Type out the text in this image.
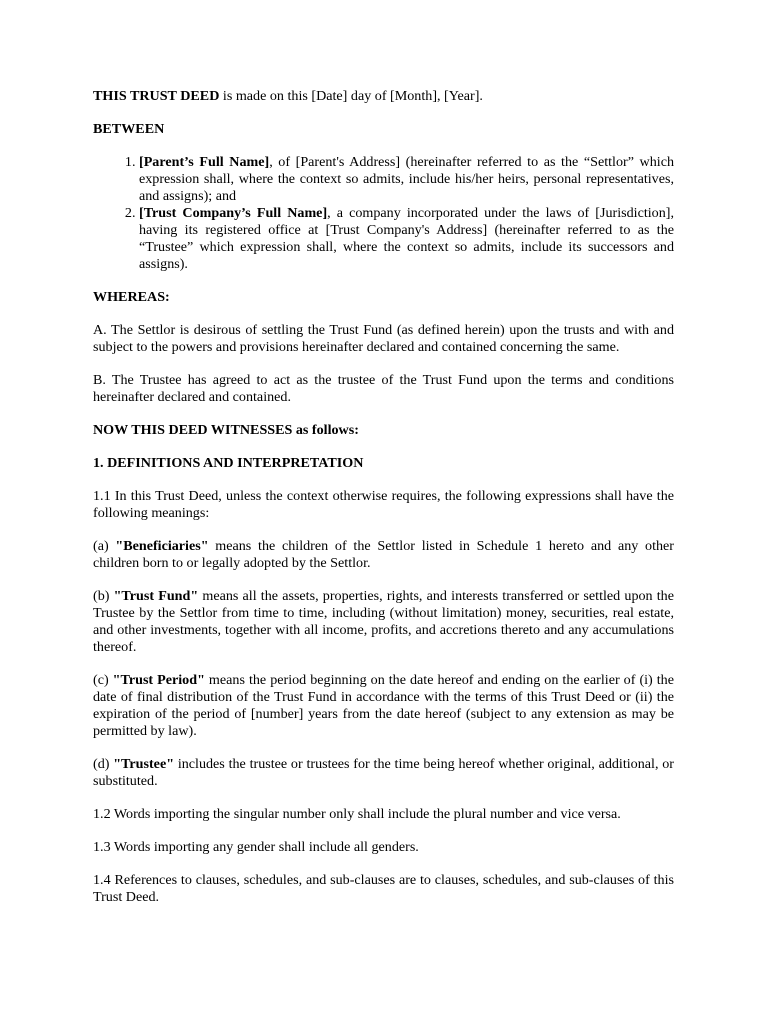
THIS TRUST DEED is made on this [Date] day of [Month], [Year].

BETWEEN

1. [Parent’s Full Name], of [Parent's Address] (hereinafter referred to as the “Settlor” which expression shall, where the context so admits, include his/her heirs, personal representatives, and assigns); and
2. [Trust Company’s Full Name], a company incorporated under the laws of [Jurisdiction], having its registered office at [Trust Company's Address] (hereinafter referred to as the “Trustee” which expression shall, where the context so admits, include its successors and assigns).

WHEREAS:

A. The Settlor is desirous of settling the Trust Fund (as defined herein) upon the trusts and with and subject to the powers and provisions hereinafter declared and contained concerning the same.

B. The Trustee has agreed to act as the trustee of the Trust Fund upon the terms and conditions hereinafter declared and contained.

NOW THIS DEED WITNESSES as follows:

1. DEFINITIONS AND INTERPRETATION

1.1 In this Trust Deed, unless the context otherwise requires, the following expressions shall have the following meanings:

(a) "Beneficiaries" means the children of the Settlor listed in Schedule 1 hereto and any other children born to or legally adopted by the Settlor.

(b) "Trust Fund" means all the assets, properties, rights, and interests transferred or settled upon the Trustee by the Settlor from time to time, including (without limitation) money, securities, real estate, and other investments, together with all income, profits, and accretions thereto and any accumulations thereof.

(c) "Trust Period" means the period beginning on the date hereof and ending on the earlier of (i) the date of final distribution of the Trust Fund in accordance with the terms of this Trust Deed or (ii) the expiration of the period of [number] years from the date hereof (subject to any extension as may be permitted by law).

(d) "Trustee" includes the trustee or trustees for the time being hereof whether original, additional, or substituted.

1.2 Words importing the singular number only shall include the plural number and vice versa.

1.3 Words importing any gender shall include all genders.

1.4 References to clauses, schedules, and sub-clauses are to clauses, schedules, and sub-clauses of this Trust Deed.
